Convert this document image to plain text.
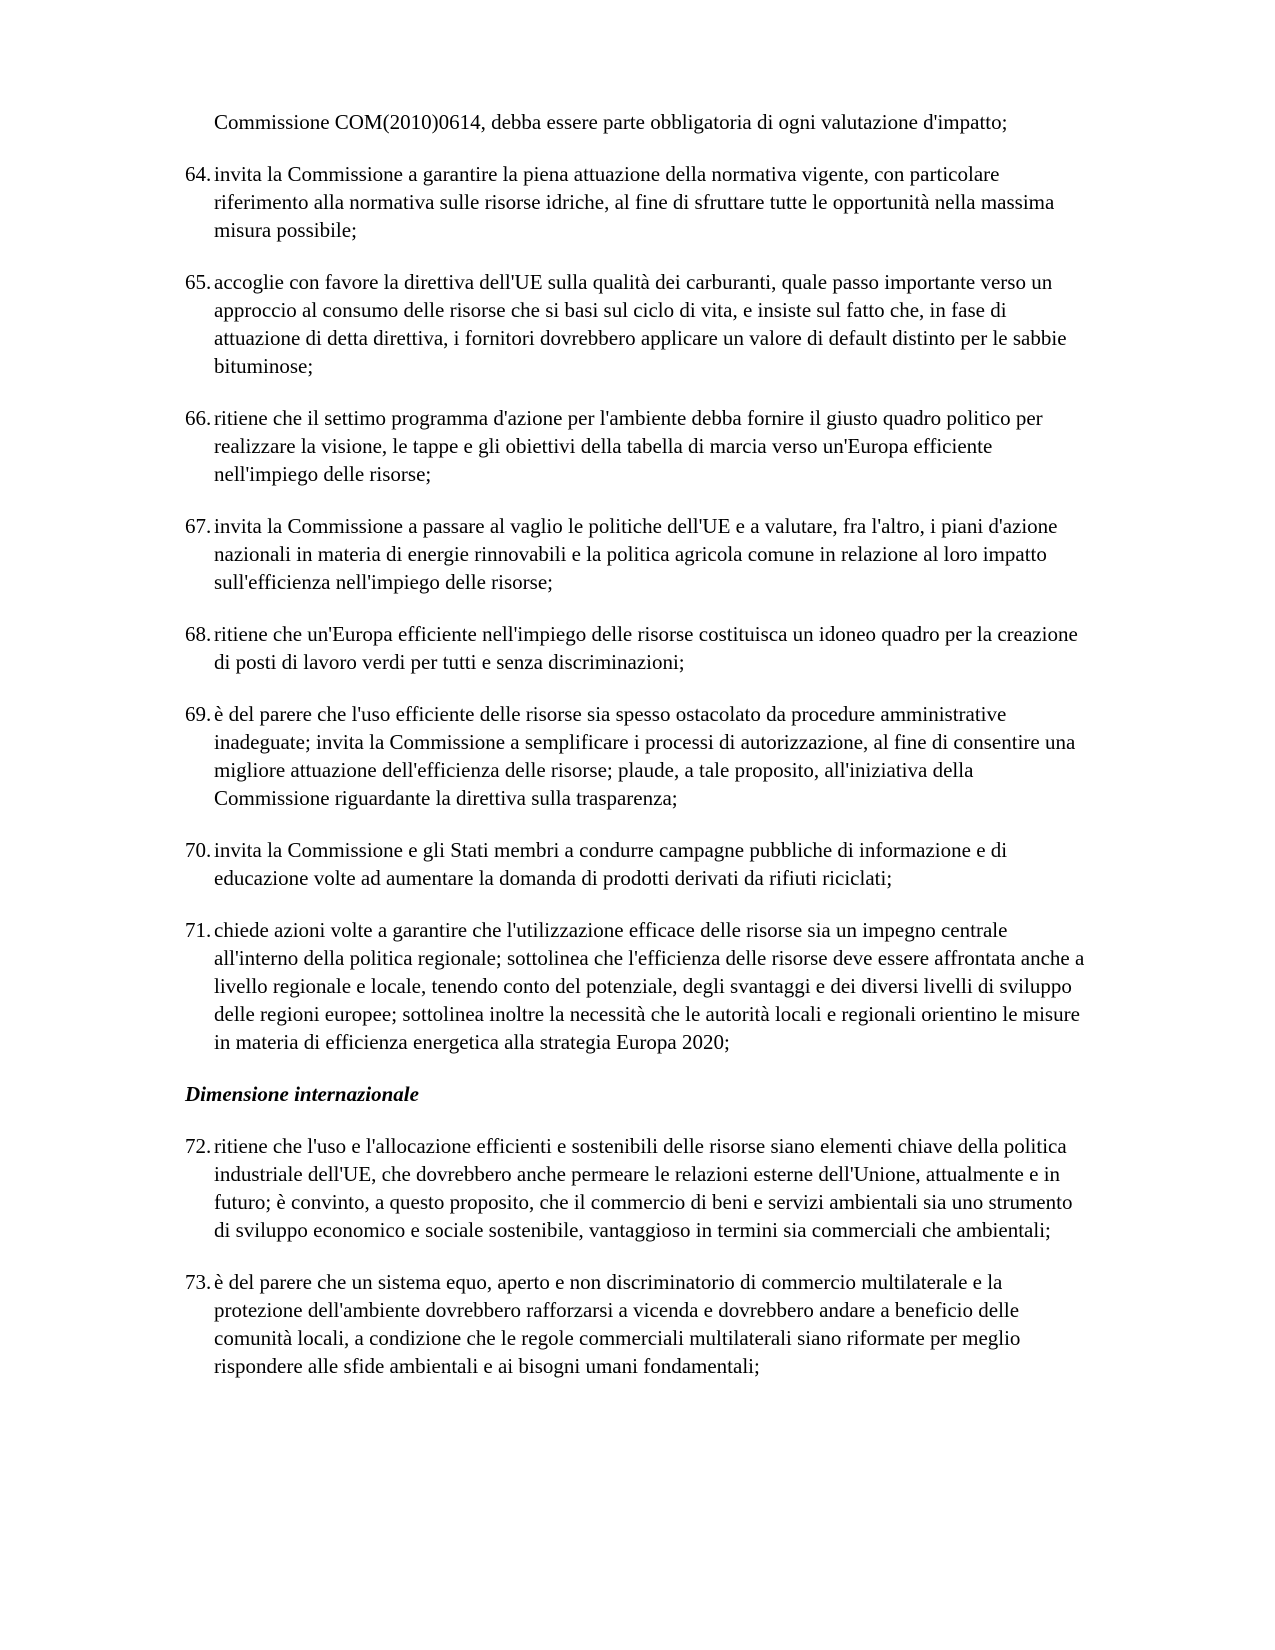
Commissione COM(2010)0614, debba essere parte obbligatoria di ogni valutazione d'impatto;

64. invita la Commissione a garantire la piena attuazione della normativa vigente, con particolare riferimento alla normativa sulle risorse idriche, al fine di sfruttare tutte le opportunità nella massima misura possibile;

65. accoglie con favore la direttiva dell'UE sulla qualità dei carburanti, quale passo importante verso un approccio al consumo delle risorse che si basi sul ciclo di vita, e insiste sul fatto che, in fase di attuazione di detta direttiva, i fornitori dovrebbero applicare un valore di default distinto per le sabbie bituminose;

66. ritiene che il settimo programma d'azione per l'ambiente debba fornire il giusto quadro politico per realizzare la visione, le tappe e gli obiettivi della tabella di marcia verso un'Europa efficiente nell'impiego delle risorse;

67. invita la Commissione a passare al vaglio le politiche dell'UE e a valutare, fra l'altro, i piani d'azione nazionali in materia di energie rinnovabili e la politica agricola comune in relazione al loro impatto sull'efficienza nell'impiego delle risorse;

68. ritiene che un'Europa efficiente nell'impiego delle risorse costituisca un idoneo quadro per la creazione di posti di lavoro verdi per tutti e senza discriminazioni;

69. è del parere che l'uso efficiente delle risorse sia spesso ostacolato da procedure amministrative inadeguate; invita la Commissione a semplificare i processi di autorizzazione, al fine di consentire una migliore attuazione dell'efficienza delle risorse; plaude, a tale proposito, all'iniziativa della Commissione riguardante la direttiva sulla trasparenza;

70. invita la Commissione e gli Stati membri a condurre campagne pubbliche di informazione e di educazione volte ad aumentare la domanda di prodotti derivati da rifiuti riciclati;

71. chiede azioni volte a garantire che l'utilizzazione efficace delle risorse sia un impegno centrale all'interno della politica regionale; sottolinea che l'efficienza delle risorse deve essere affrontata anche a livello regionale e locale, tenendo conto del potenziale, degli svantaggi e dei diversi livelli di sviluppo delle regioni europee; sottolinea inoltre la necessità che le autorità locali e regionali orientino le misure in materia di efficienza energetica alla strategia Europa 2020;

Dimensione internazionale

72. ritiene che l'uso e l'allocazione efficienti e sostenibili delle risorse siano elementi chiave della politica industriale dell'UE, che dovrebbero anche permeare le relazioni esterne dell'Unione, attualmente e in futuro; è convinto, a questo proposito, che il commercio di beni e servizi ambientali sia uno strumento di sviluppo economico e sociale sostenibile, vantaggioso in termini sia commerciali che ambientali;

73. è del parere che un sistema equo, aperto e non discriminatorio di commercio multilaterale e la protezione dell'ambiente dovrebbero rafforzarsi a vicenda e dovrebbero andare a beneficio delle comunità locali, a condizione che le regole commerciali multilaterali siano riformate per meglio rispondere alle sfide ambientali e ai bisogni umani fondamentali;
